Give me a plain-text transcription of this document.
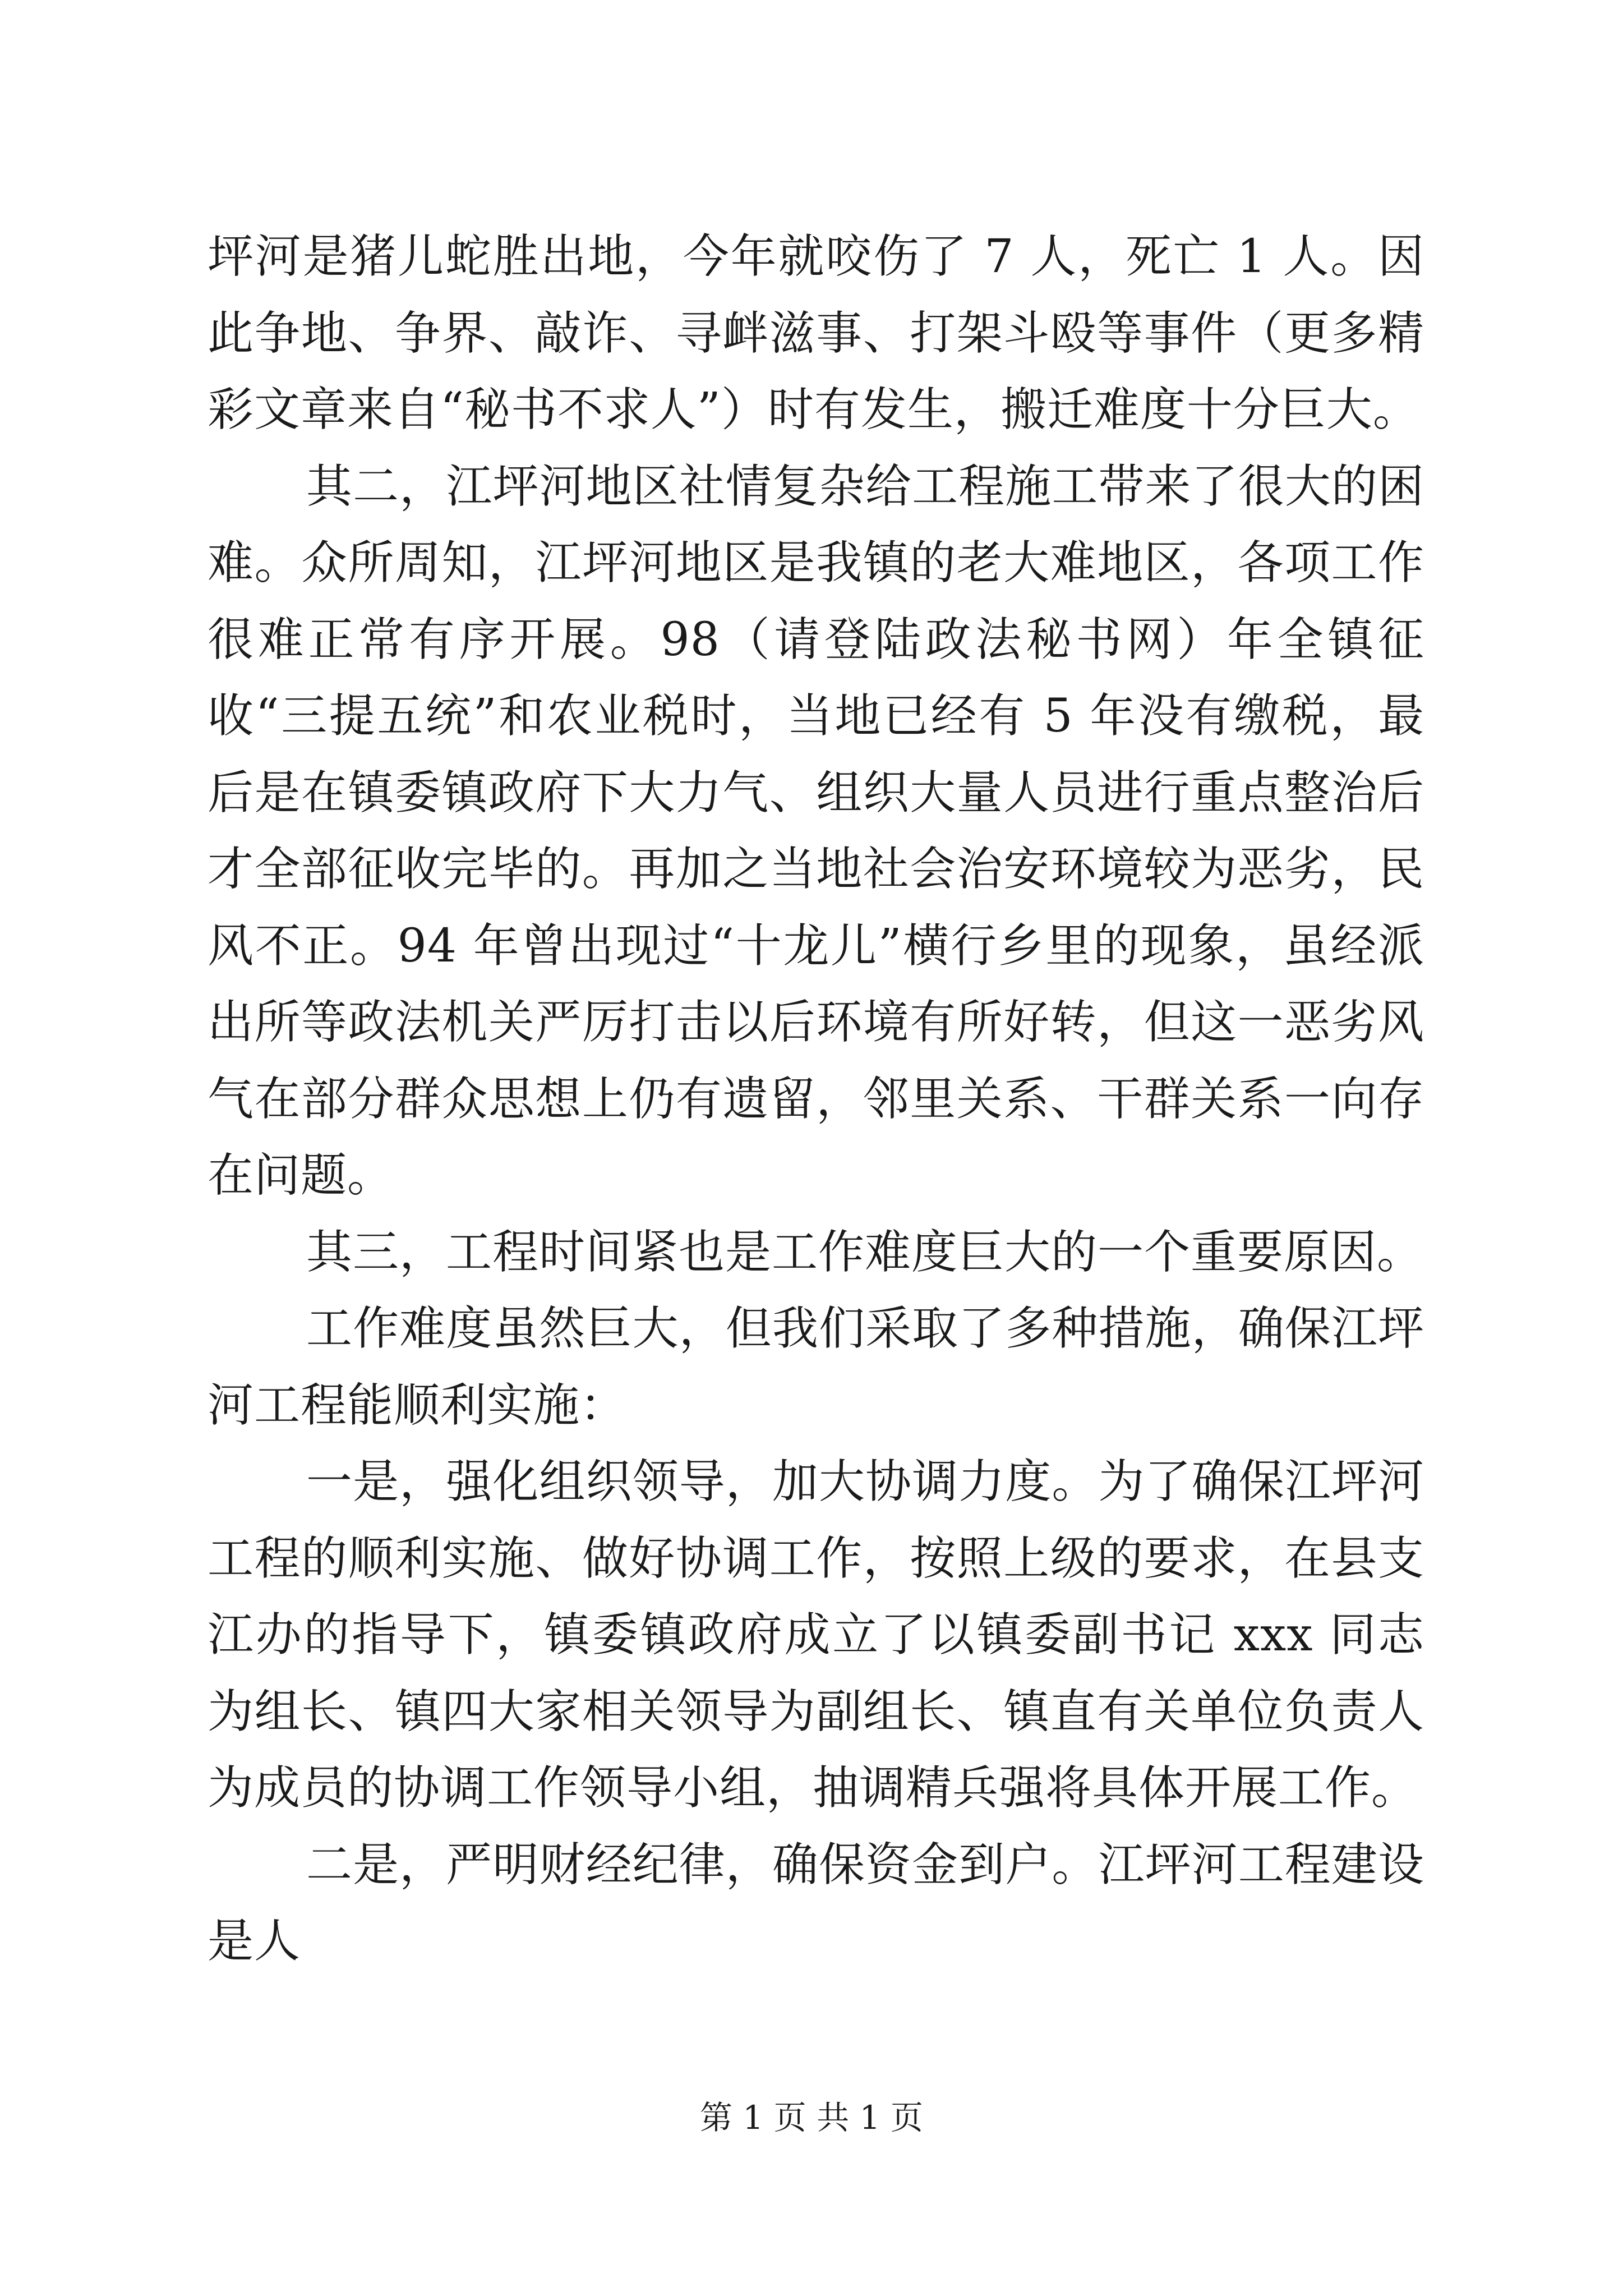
坪河是猪儿蛇胜出地，今年就咬伤了 7 人，死亡 1 人。因此争地、争界、敲诈、寻衅滋事、打架斗殴等事件（更多精彩文章来自“秘书不求人”）时有发生，搬迁难度十分巨大。

其二，江坪河地区社情复杂给工程施工带来了很大的困难。众所周知，江坪河地区是我镇的老大难地区，各项工作很难正常有序开展。98（请登陆政法秘书网）年全镇征收“三提五统”和农业税时，当地已经有 5 年没有缴税，最后是在镇委镇政府下大力气、组织大量人员进行重点整治后才全部征收完毕的。再加之当地社会治安环境较为恶劣，民风不正。94 年曾出现过“十龙儿”横行乡里的现象，虽经派出所等政法机关严厉打击以后环境有所好转，但这一恶劣风气在部分群众思想上仍有遗留，邻里关系、干群关系一向存在问题。

其三，工程时间紧也是工作难度巨大的一个重要原因。

工作难度虽然巨大，但我们采取了多种措施，确保江坪河工程能顺利实施：

一是，强化组织领导，加大协调力度。为了确保江坪河工程的顺利实施、做好协调工作，按照上级的要求，在县支江办的指导下，镇委镇政府成立了以镇委副书记 xxx 同志为组长、镇四大家相关领导为副组长、镇直有关单位负责人为成员的协调工作领导小组，抽调精兵强将具体开展工作。

二是，严明财经纪律，确保资金到户。江坪河工程建设是人

第 1 页 共 1 页
